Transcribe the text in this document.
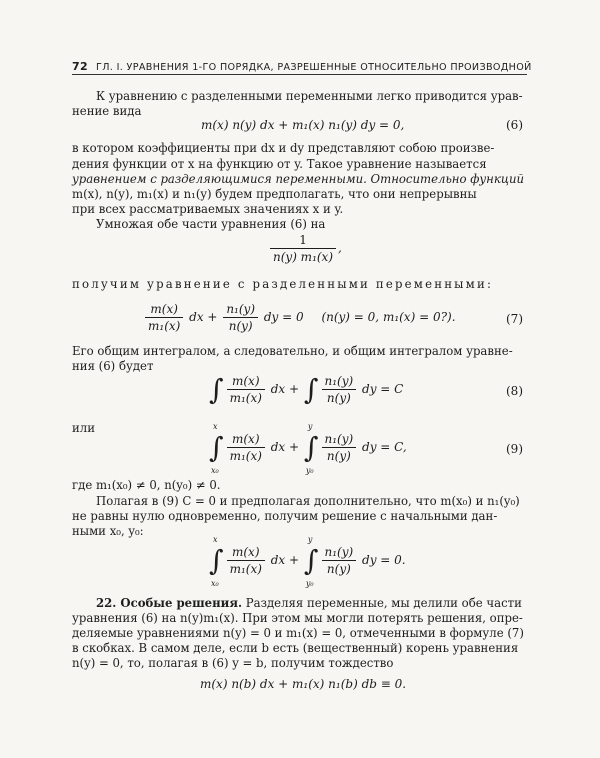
72 ГЛ. I. УРАВНЕНИЯ 1-ГО ПОРЯДКА, РАЗРЕШЕННЫЕ ОТНОСИТЕЛЬНО ПРОИЗВОДНОЙ
К уравнению с разделенными переменными легко приводится урав-
нение вида
m(x) n(y) dx + m₁(x) n₁(y) dy = 0,	(6)
в котором коэффициенты при dx и dy представляют собою произве-
дения функции от x на функцию от y. Такое уравнение называется
уравнением с разделяющимися переменными. Относительно функций
m(x), n(y), m₁(x) и n₁(y) будем предполагать, что они непрерывны
при всех рассматриваемых значениях x и y.
Умножая обе части уравнения (6) на
$\frac{1}{\text{n(y) m₁(x)}}$ ,
получим уравнение с разделенными переменными:
$\frac{m(x)}{\text{m₁(x)}}$ dx + $\frac{\text{n₁(y)}}{n(y)}$ dy = 0 (n(y) = 0, m₁(x) = 0?).	(7)
Его общим интегралом, а следовательно, и общим интегралом уравне-
ния (6) будет
∫ $\frac{m(x)}{\text{m₁(x)}}$ dx + ∫ $\frac{\text{n₁(y)}}{n(y)}$ dy = C	(8)
или
∫
x
x₀
$\frac{m(x)}{\text{m₁(x)}}$ dx + ∫
y
y₀
$\frac{\text{n₁(y)}}{n(y)}$ dy = C,	(9)
где m₁(x₀) ≠ 0, n(y₀) ≠ 0.
Полагая в (9) C = 0 и предполагая дополнительно, что m(x₀) и n₁(y₀)
не равны нулю одновременно, получим решение с начальными дан-
ными x₀, y₀:
∫
x
x₀
$\frac{m(x)}{\text{m₁(x)}}$ dx + ∫
y
y₀
$\frac{\text{n₁(y)}}{n(y)}$ dy = 0.
22. Особые решения. Разделяя переменные, мы делили обе части
уравнения (6) на n(y)m₁(x). При этом мы могли потерять решения, опре-
деляемые уравнениями n(y) = 0 и m₁(x) = 0, отмеченными в формуле (7)
в скобках. В самом деле, если b есть (вещественный) корень уравнения
n(y) = 0, то, полагая в (6) y = b, получим тождество
m(x) n(b) dx + m₁(x) n₁(b) db ≡ 0.
